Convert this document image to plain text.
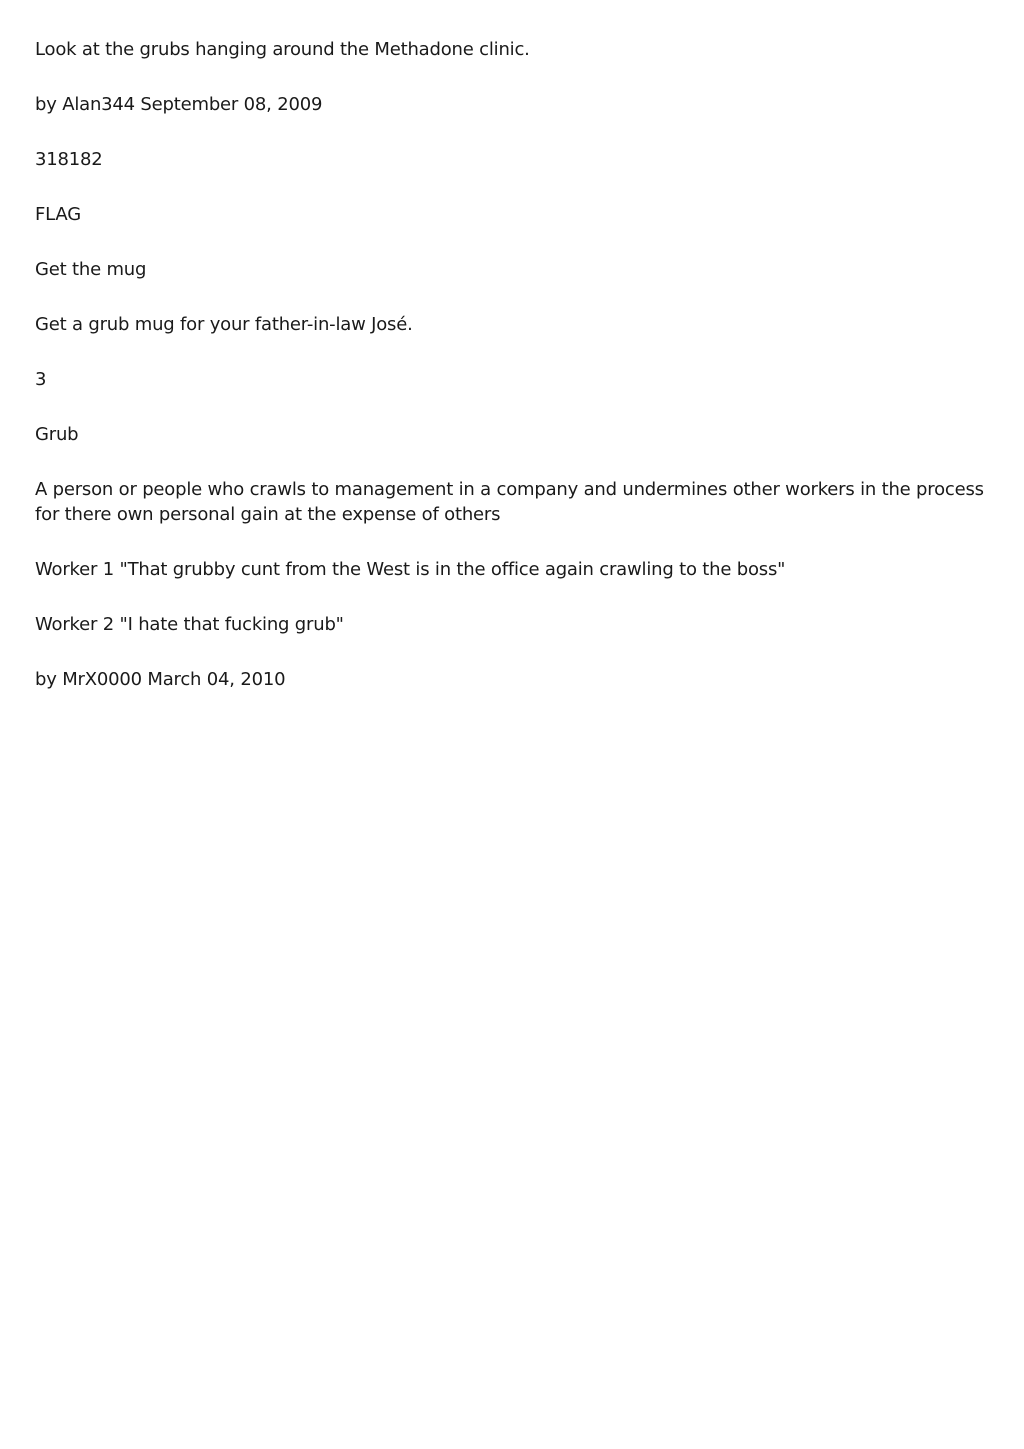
Look at the grubs hanging around the Methadone clinic.

by Alan344 September 08, 2009

318182

FLAG

Get the mug

Get a grub mug for your father-in-law José.

3

Grub

A person or people who crawls to management in a company and undermines other workers in the process for there own personal gain at the expense of others

Worker 1 "That grubby cunt from the West is in the office again crawling to the boss"

Worker 2 "I hate that fucking grub"

by MrX0000 March 04, 2010
